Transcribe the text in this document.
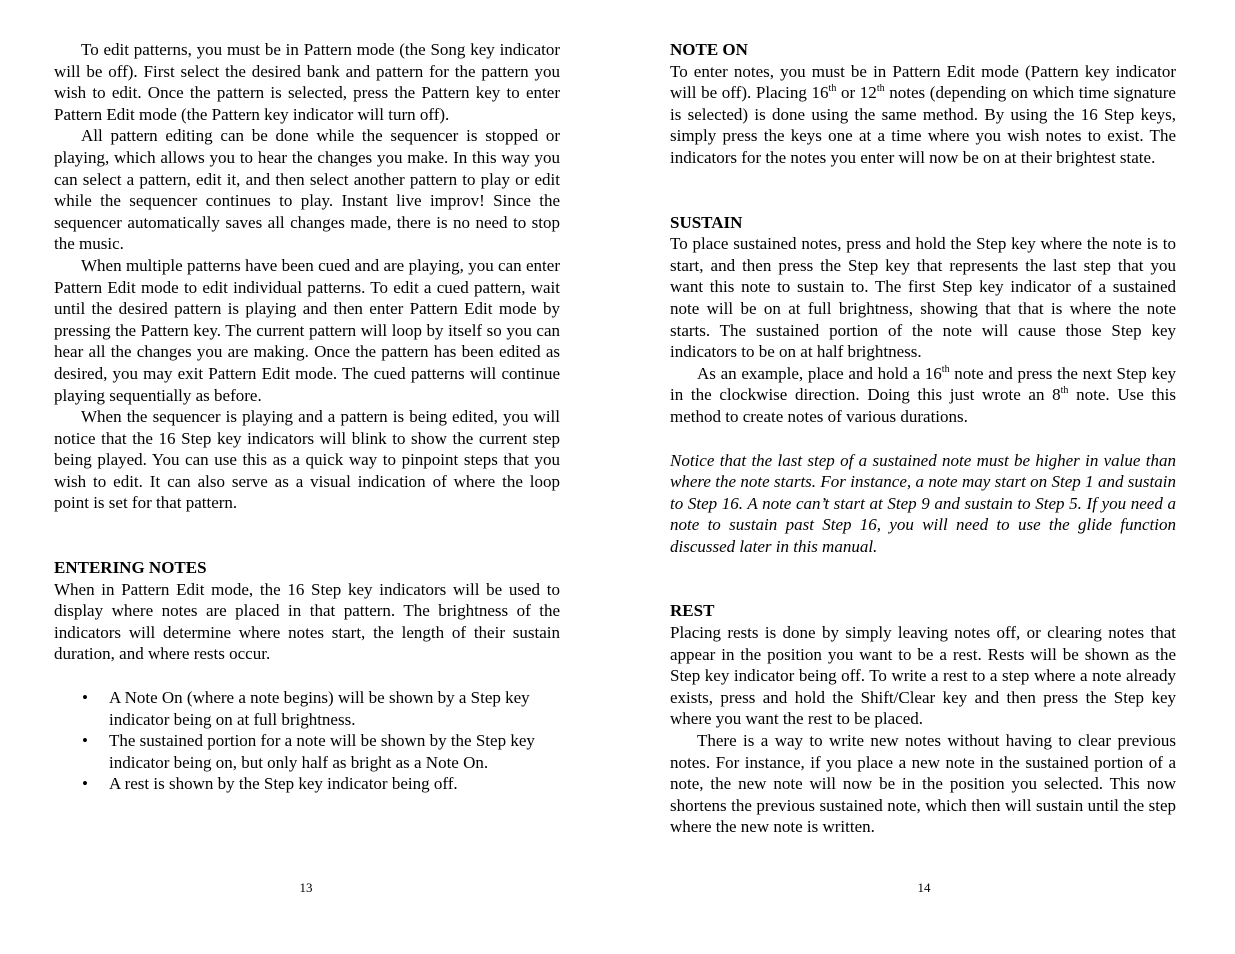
To edit patterns, you must be in Pattern mode (the Song key indicator will be off). First select the desired bank and pattern for the pattern you wish to edit. Once the pattern is selected, press the Pattern key to enter Pattern Edit mode (the Pattern key indicator will turn off).

All pattern editing can be done while the sequencer is stopped or playing, which allows you to hear the changes you make. In this way you can select a pattern, edit it, and then select another pattern to play or edit while the sequencer continues to play. Instant live improv! Since the sequencer automatically saves all changes made, there is no need to stop the music.

When multiple patterns have been cued and are playing, you can enter Pattern Edit mode to edit individual patterns. To edit a cued pattern, wait until the desired pattern is playing and then enter Pattern Edit mode by pressing the Pattern key. The current pattern will loop by itself so you can hear all the changes you are making. Once the pattern has been edited as desired, you may exit Pattern Edit mode. The cued patterns will continue playing sequentially as before.

When the sequencer is playing and a pattern is being edited, you will notice that the 16 Step key indicators will blink to show the current step being played. You can use this as a quick way to pinpoint steps that you wish to edit. It can also serve as a visual indication of where the loop point is set for that pattern.

ENTERING NOTES

When in Pattern Edit mode, the 16 Step key indicators will be used to display where notes are placed in that pattern. The brightness of the indicators will determine where notes start, the length of their sustain duration, and where rests occur.

• A Note On (where a note begins) will be shown by a Step key indicator being on at full brightness.
• The sustained portion for a note will be shown by the Step key indicator being on, but only half as bright as a Note On.
• A rest is shown by the Step key indicator being off.
13
NOTE ON

To enter notes, you must be in Pattern Edit mode (Pattern key indicator will be off). Placing 16th or 12th notes (depending on which time signature is selected) is done using the same method. By using the 16 Step keys, simply press the keys one at a time where you wish notes to exist. The indicators for the notes you enter will now be on at their brightest state.

SUSTAIN

To place sustained notes, press and hold the Step key where the note is to start, and then press the Step key that represents the last step that you want this note to sustain to. The first Step key indicator of a sustained note will be on at full brightness, showing that that is where the note starts. The sustained portion of the note will cause those Step key indicators to be on at half brightness.

As an example, place and hold a 16th note and press the next Step key in the clockwise direction. Doing this just wrote an 8th note. Use this method to create notes of various durations.

Notice that the last step of a sustained note must be higher in value than where the note starts. For instance, a note may start on Step 1 and sustain to Step 16. A note can’t start at Step 9 and sustain to Step 5. If you need a note to sustain past Step 16, you will need to use the glide function discussed later in this manual.

REST

Placing rests is done by simply leaving notes off, or clearing notes that appear in the position you want to be a rest. Rests will be shown as the Step key indicator being off. To write a rest to a step where a note already exists, press and hold the Shift/Clear key and then press the Step key where you want the rest to be placed.

There is a way to write new notes without having to clear previous notes. For instance, if you place a new note in the sustained portion of a note, the new note will now be in the position you selected. This now shortens the previous sustained note, which then will sustain until the step where the new note is written.

14
